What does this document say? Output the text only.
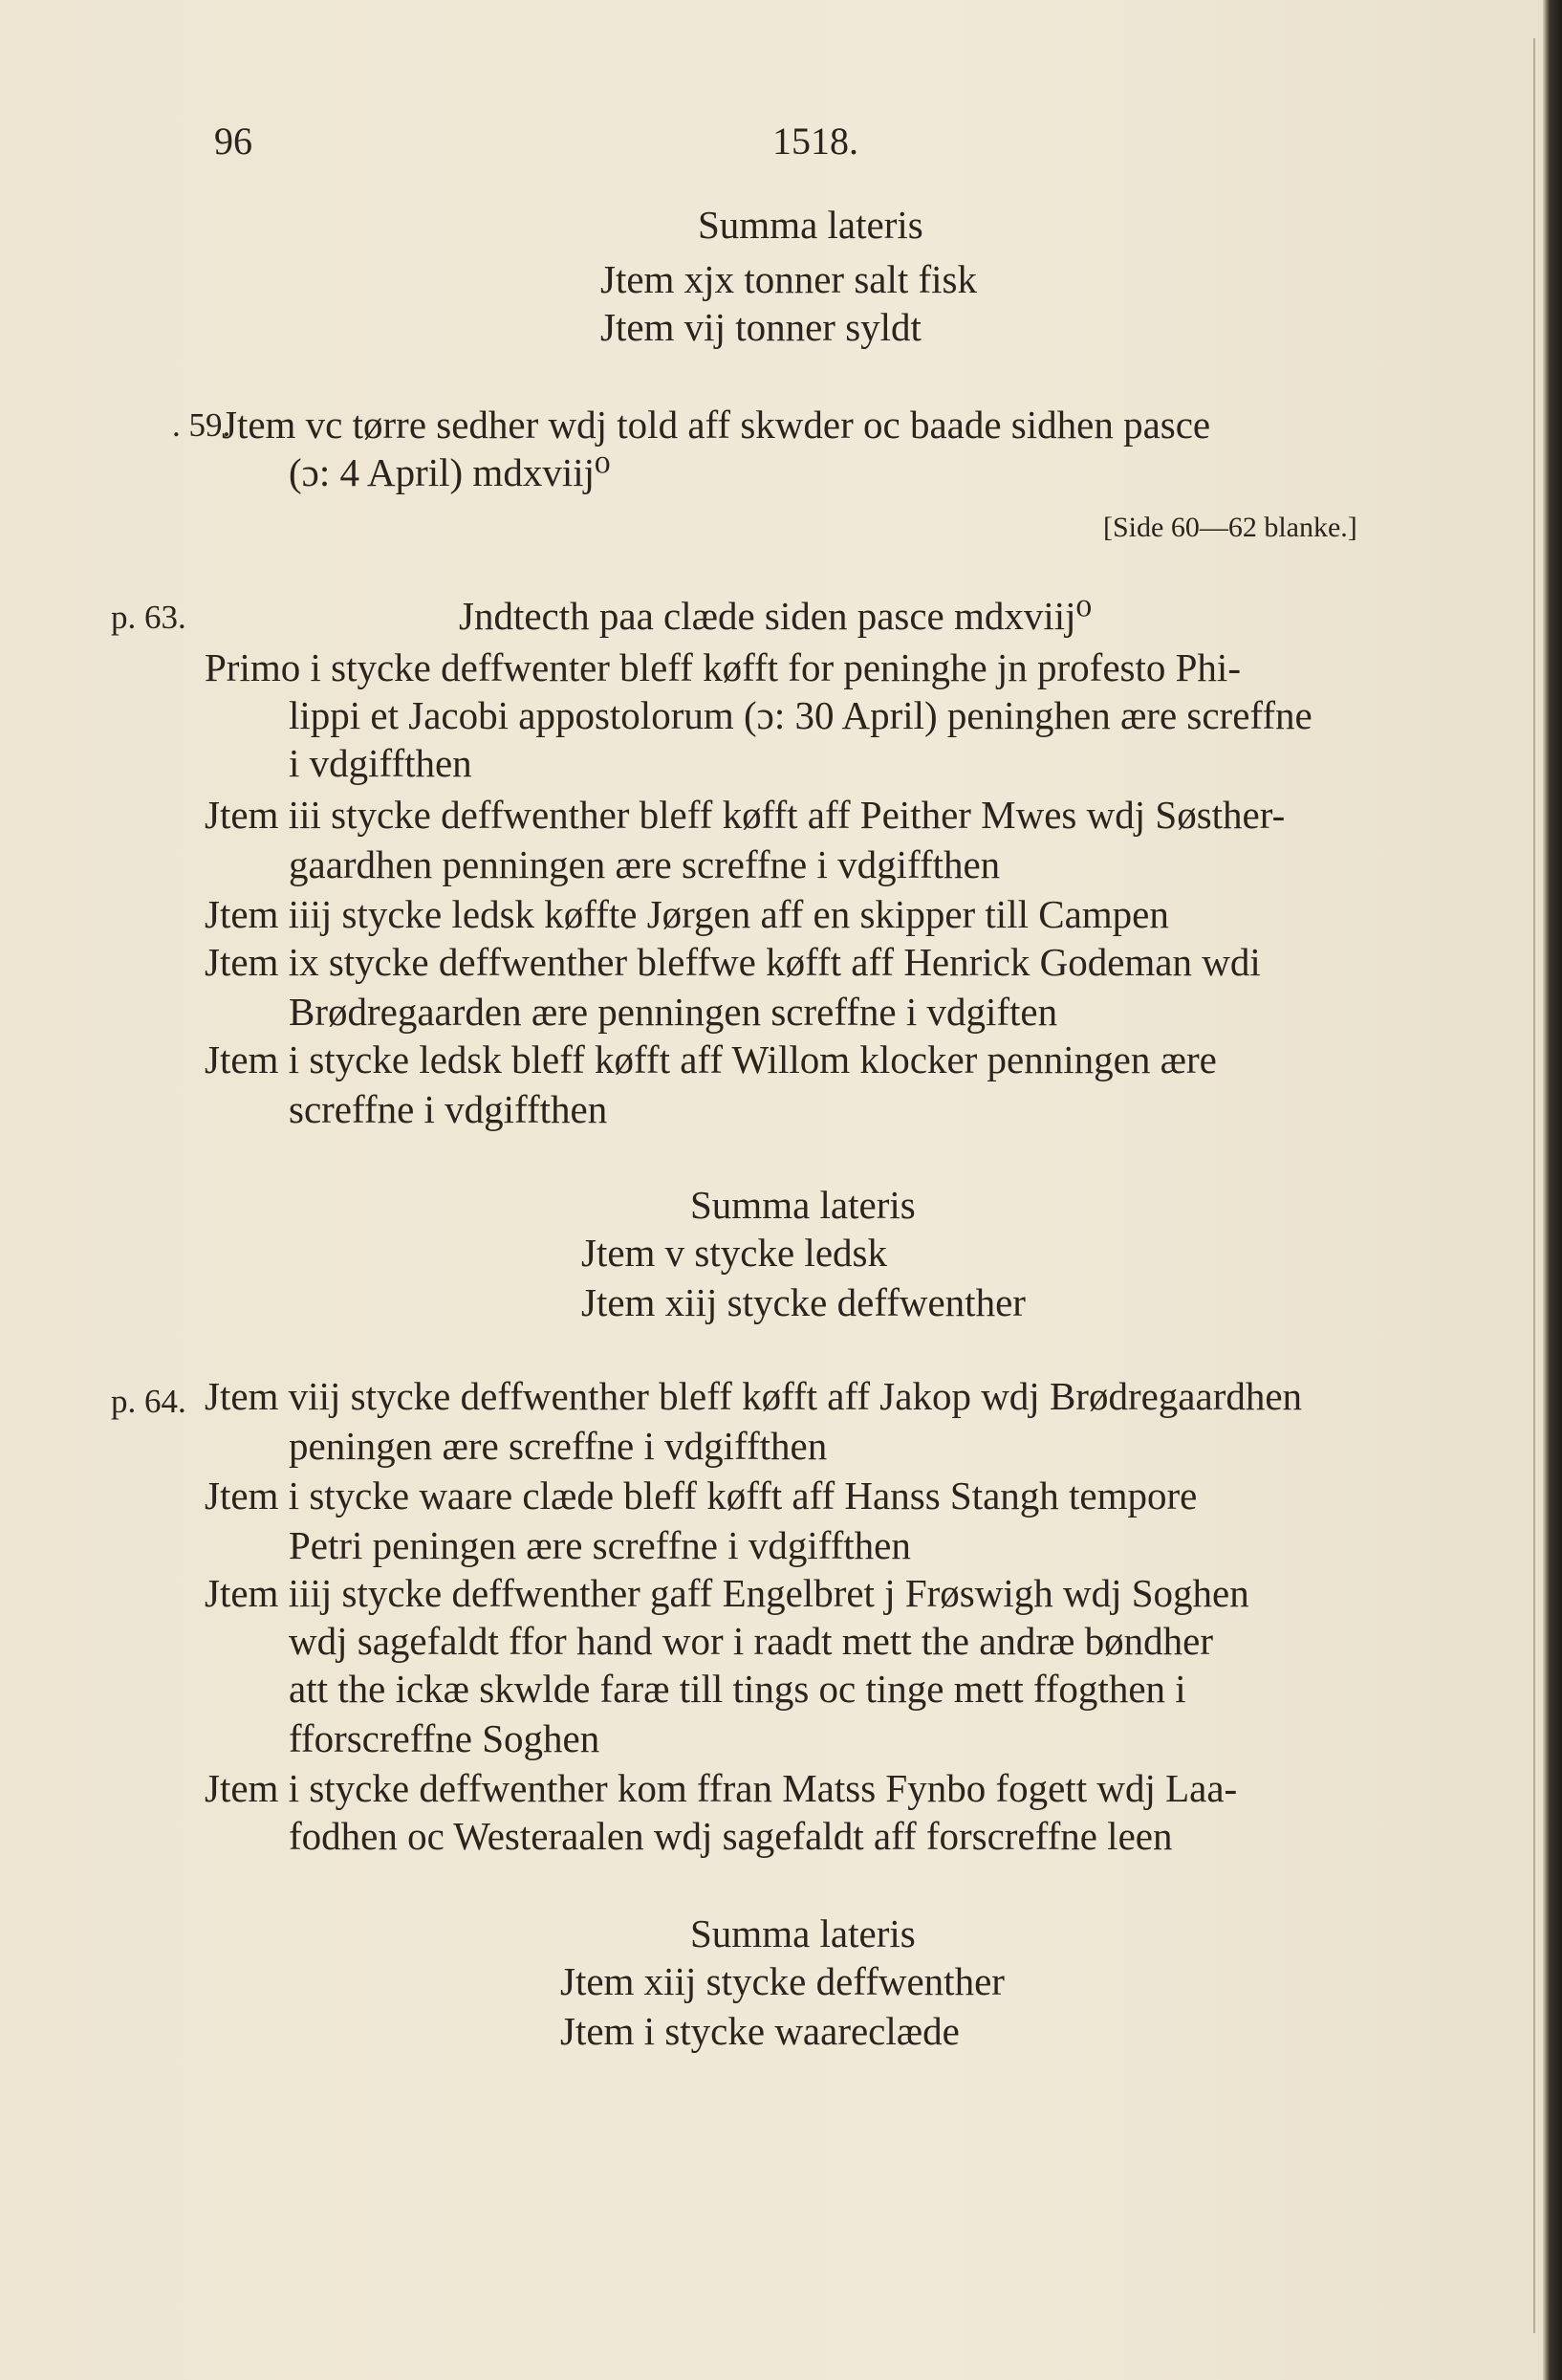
96	1518.
Summa lateris
Jtem xjx tonner salt fisk
Jtem vij tonner syldt
. 59.
Jtem vc tørre sedher wdj told aff skwder oc baade sidhen pasce
(ɔ: 4 April) mdxviij⁰
[Side 60—62 blanke.]
p. 63.	Jndtecth paa clæde siden pasce mdxviij⁰
Primo i stycke deffwenter bleff køfft for peninghe jn profesto Phi-
lippi et Jacobi appostolorum (ɔ: 30 April) peninghen ære screffne
i vdgiffthen
Jtem iii stycke deffwenther bleff køfft aff Peither Mwes wdj Søsther-
gaardhen penningen ære screffne i vdgiffthen
Jtem iiij stycke ledsk køffte Jørgen aff en skipper till Campen
Jtem ix stycke deffwenther bleffwe køfft aff Henrick Godeman wdi
Brødregaarden ære penningen screffne i vdgiften
Jtem i stycke ledsk bleff køfft aff Willom klocker penningen ære
screffne i vdgiffthen
Summa lateris
Jtem v stycke ledsk
Jtem xiij stycke deffwenther
p. 64. Jtem viij stycke deffwenther bleff køfft aff Jakop wdj Brødregaardhen
peningen ære screffne i vdgiffthen
Jtem i stycke waare clæde bleff køfft aff Hanss Stangh tempore
Petri peningen ære screffne i vdgiffthen
Jtem iiij stycke deffwenther gaff Engelbret j Frøswigh wdj Soghen
wdj sagefaldt ffor hand wor i raadt mett the andræ bøndher
att the ickæ skwlde faræ till tings oc tinge mett ffogthen i
fforscreffne Soghen
Jtem i stycke deffwenther kom ffran Matss Fynbo fogett wdj Laa-
fodhen oc Westeraalen wdj sagefaldt aff forscreffne leen
Summa lateris
Jtem xiij stycke deffwenther
Jtem i stycke waareclæde
